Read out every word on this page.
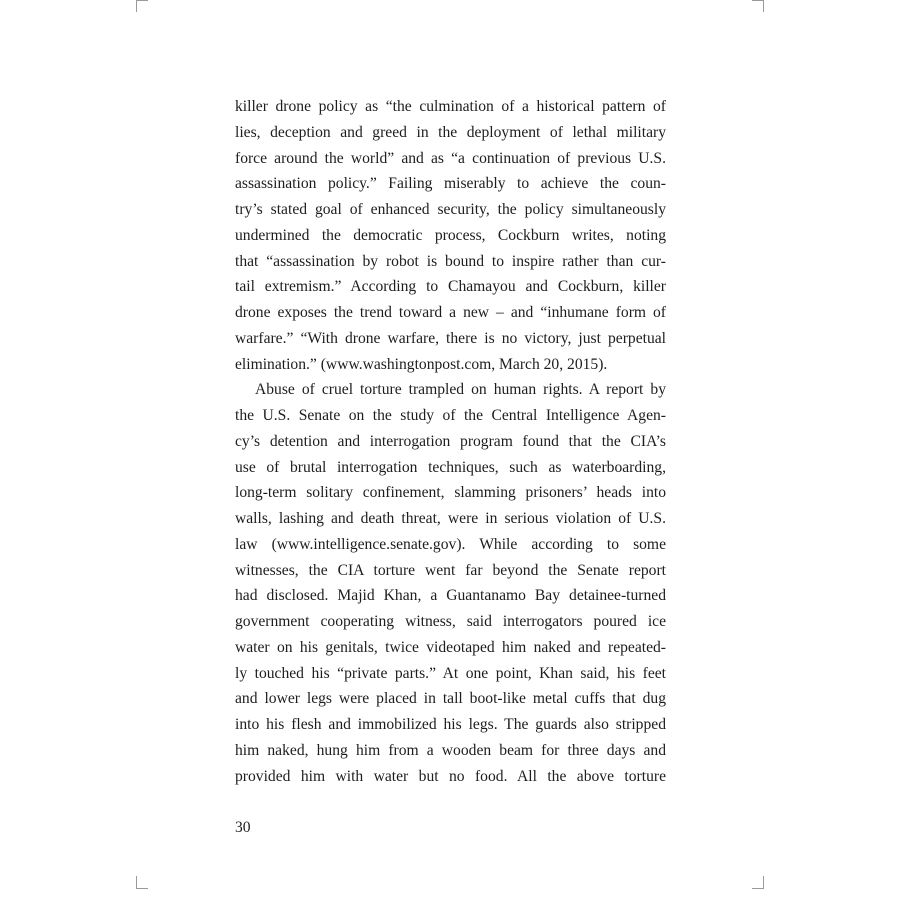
killer drone policy as “the culmination of a historical pattern of
lies, deception and greed in the deployment of lethal military
force around the world” and as “a continuation of previous U.S.
assassination policy.” Failing miserably to achieve the coun-
try’s stated goal of enhanced security, the policy simultaneously
undermined the democratic process, Cockburn writes, noting
that “assassination by robot is bound to inspire rather than cur-
tail extremism.” According to Chamayou and Cockburn, killer
drone exposes the trend toward a new – and “inhumane form of
warfare.” “With drone warfare, there is no victory, just perpetual
elimination.” (www.washingtonpost.com, March 20, 2015).
Abuse of cruel torture trampled on human rights. A report by
the U.S. Senate on the study of the Central Intelligence Agen-
cy’s detention and interrogation program found that the CIA’s
use of brutal interrogation techniques, such as waterboarding,
long-term solitary confinement, slamming prisoners’ heads into
walls, lashing and death threat, were in serious violation of U.S.
law (www.intelligence.senate.gov). While according to some
witnesses, the CIA torture went far beyond the Senate report
had disclosed. Majid Khan, a Guantanamo Bay detainee-turned
government cooperating witness, said interrogators poured ice
water on his genitals, twice videotaped him naked and repeated-
ly touched his “private parts.” At one point, Khan said, his feet
and lower legs were placed in tall boot-like metal cuffs that dug
into his flesh and immobilized his legs. The guards also stripped
him naked, hung him from a wooden beam for three days and
provided him with water but no food. All the above torture
30
